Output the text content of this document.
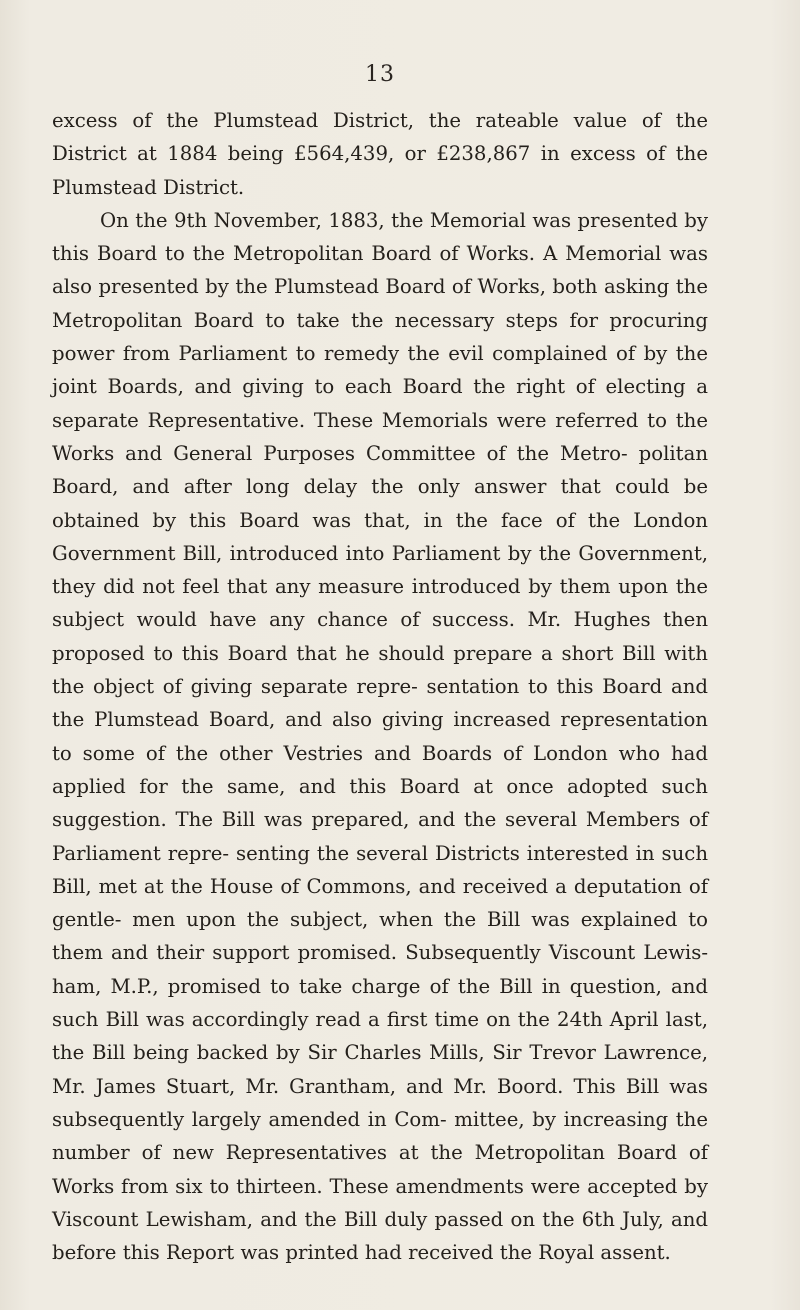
13

excess of the Plumstead District, the rateable value of the District at 1884 being £564,439, or £238,867 in excess of the Plumstead District.

On the 9th November, 1883, the Memorial was presented by this Board to the Metropolitan Board of Works. A Memorial was also presented by the Plumstead Board of Works, both asking the Metropolitan Board to take the necessary steps for procuring power from Parliament to remedy the evil complained of by the joint Boards, and giving to each Board the right of electing a separate Representative. These Memorials were referred to the Works and General Purposes Committee of the Metro- politan Board, and after long delay the only answer that could be obtained by this Board was that, in the face of the London Government Bill, introduced into Parliament by the Government, they did not feel that any measure introduced by them upon the subject would have any chance of success. Mr. Hughes then proposed to this Board that he should prepare a short Bill with the object of giving separate repre- sentation to this Board and the Plumstead Board, and also giving increased representation to some of the other Vestries and Boards of London who had applied for the same, and this Board at once adopted such suggestion. The Bill was prepared, and the several Members of Parliament repre- senting the several Districts interested in such Bill, met at the House of Commons, and received a deputation of gentle- men upon the subject, when the Bill was explained to them and their support promised. Subsequently Viscount Lewis- ham, M.P., promised to take charge of the Bill in question, and such Bill was accordingly read a first time on the 24th April last, the Bill being backed by Sir Charles Mills, Sir Trevor Lawrence, Mr. James Stuart, Mr. Grantham, and Mr. Boord. This Bill was subsequently largely amended in Com- mittee, by increasing the number of new Representatives at the Metropolitan Board of Works from six to thirteen. These amendments were accepted by Viscount Lewisham, and the Bill duly passed on the 6th July, and before this Report was printed had received the Royal assent.
